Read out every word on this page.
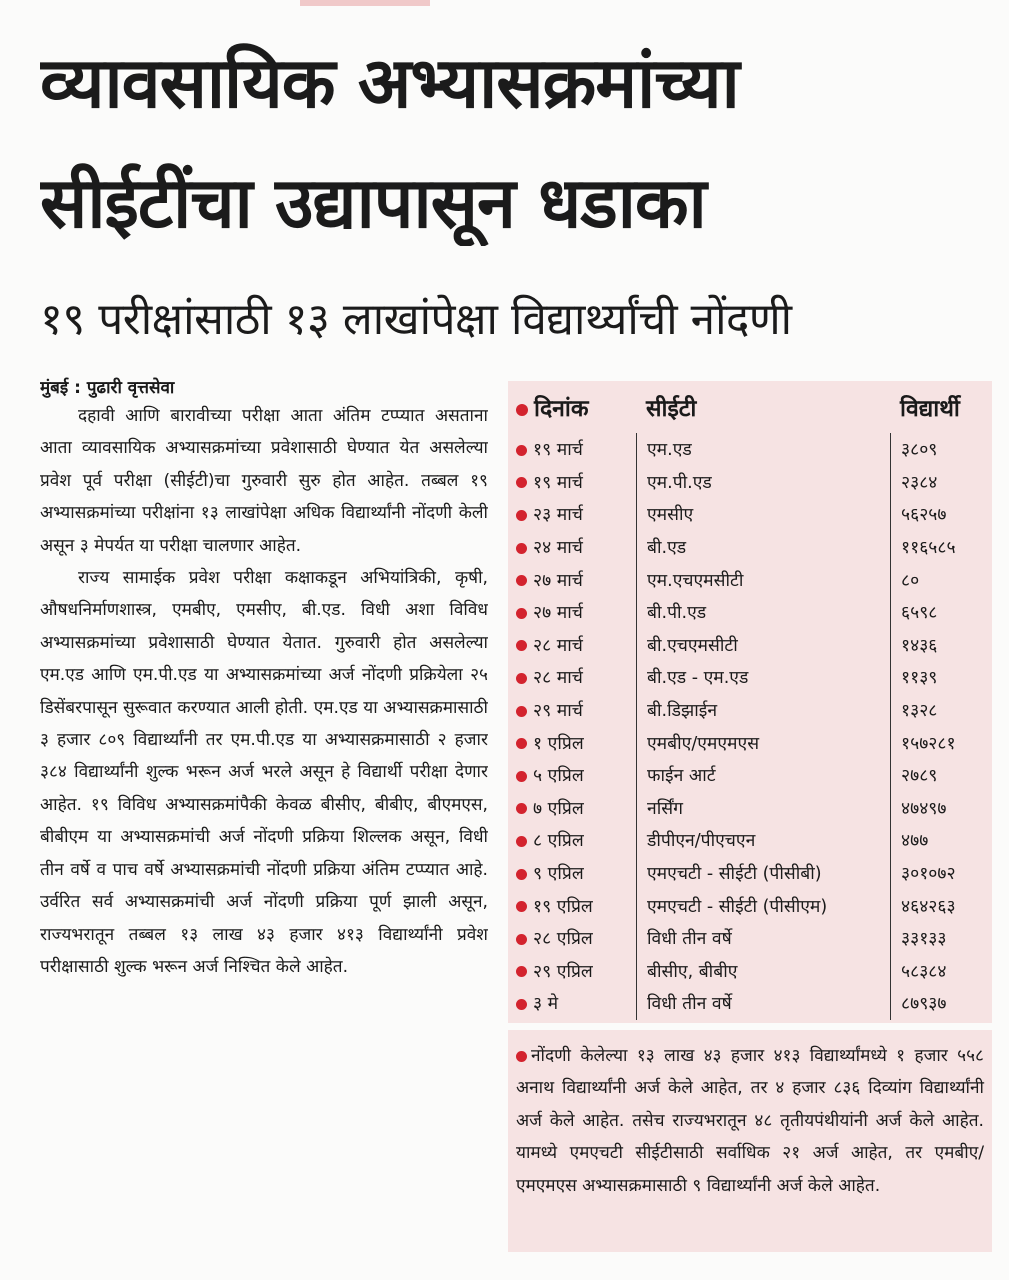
व्यावसायिक अभ्यासक्रमांच्या
सीईटींचा उद्यापासून धडाका
१९ परीक्षांसाठी १३ लाखांपेक्षा विद्यार्थ्यांची नोंदणी

मुंबई : पुढारी वृत्तसेवा

दहावी आणि बारावीच्या परीक्षा आता अंतिम टप्प्यात असताना आता व्यावसायिक अभ्यासक्रमांच्या प्रवेशासाठी घेण्यात येत असलेल्या प्रवेश पूर्व परीक्षा (सीईटी)चा गुरुवारी सुरु होत आहेत. तब्बल १९ अभ्यासक्रमांच्या परीक्षांना १३ लाखांपेक्षा अधिक विद्यार्थ्यांनी नोंदणी केली असून ३ मेपर्यत या परीक्षा चालणार आहेत.

राज्य सामाईक प्रवेश परीक्षा कक्षाकडून अभियांत्रिकी, कृषी, औषधनिर्माणशास्त्र, एमबीए, एमसीए, बी.एड. विधी अशा विविध अभ्यासक्रमांच्या प्रवेशासाठी घेण्यात येतात. गुरुवारी होत असलेल्या एम.एड आणि एम.पी.एड या अभ्यासक्रमांच्या अर्ज नोंदणी प्रक्रियेला २५ डिसेंबरपासून सुरूवात करण्यात आली होती. एम.एड या अभ्यासक्रमासाठी ३ हजार ८०९ विद्यार्थ्यांनी तर एम.पी.एड या अभ्यासक्रमासाठी २ हजार ३८४ विद्यार्थ्यांनी शुल्क भरून अर्ज भरले असून हे विद्यार्थी परीक्षा देणार आहेत. १९ विविध अभ्यासक्रमांपैकी केवळ बीसीए, बीबीए, बीएमएस, बीबीएम या अभ्यासक्रमांची अर्ज नोंदणी प्रक्रिया शिल्लक असून, विधी तीन वर्षे व पाच वर्षे अभ्यासक्रमांची नोंदणी प्रक्रिया अंतिम टप्प्यात आहे. उर्वरित सर्व अभ्यासक्रमांची अर्ज नोंदणी प्रक्रिया पूर्ण झाली असून, राज्यभरातून तब्बल १३ लाख ४३ हजार ४१३ विद्यार्थ्यांनी प्रवेश परीक्षासाठी शुल्क भरून अर्ज निश्चित केले आहेत.

दिनांक	सीईटी	विद्यार्थी
१९ मार्च	एम.एड	३८०९
१९ मार्च	एम.पी.एड	२३८४
२३ मार्च	एमसीए	५६२५७
२४ मार्च	बी.एड	११६५८५
२७ मार्च	एम.एचएमसीटी	८०
२७ मार्च	बी.पी.एड	६५९८
२८ मार्च	बी.एचएमसीटी	१४३६
२८ मार्च	बी.एड - एम.एड	११३९
२९ मार्च	बी.डिझाईन	१३२८
१ एप्रिल	एमबीए/एमएमएस	१५७२८१
५ एप्रिल	फाईन आर्ट	२७८९
७ एप्रिल	नर्सिंग	४७४९७
८ एप्रिल	डीपीएन/पीएचएन	४७७
९ एप्रिल	एमएचटी - सीईटी (पीसीबी)	३०१०७२
१९ एप्रिल	एमएचटी - सीईटी (पीसीएम)	४६४२६३
२८ एप्रिल	विधी तीन वर्षे	३३१३३
२९ एप्रिल	बीसीए, बीबीए	५८३८४
३ मे	विधी तीन वर्षे	८७९३७
नोंदणी केलेल्या १३ लाख ४३ हजार ४१३ विद्यार्थ्यांमध्ये १ हजार ५५८ अनाथ विद्यार्थ्यांनी अर्ज केले आहेत, तर ४ हजार ८३६ दिव्यांग विद्यार्थ्यांनी अर्ज केले आहेत. तसेच राज्यभरातून ४८ तृतीयपंथीयांनी अर्ज केले आहेत. यामध्ये एमएचटी सीईटीसाठी सर्वाधिक २१ अर्ज आहेत, तर एमबीए/एमएमएस अभ्यासक्रमासाठी ९ विद्यार्थ्यांनी अर्ज केले आहेत.
